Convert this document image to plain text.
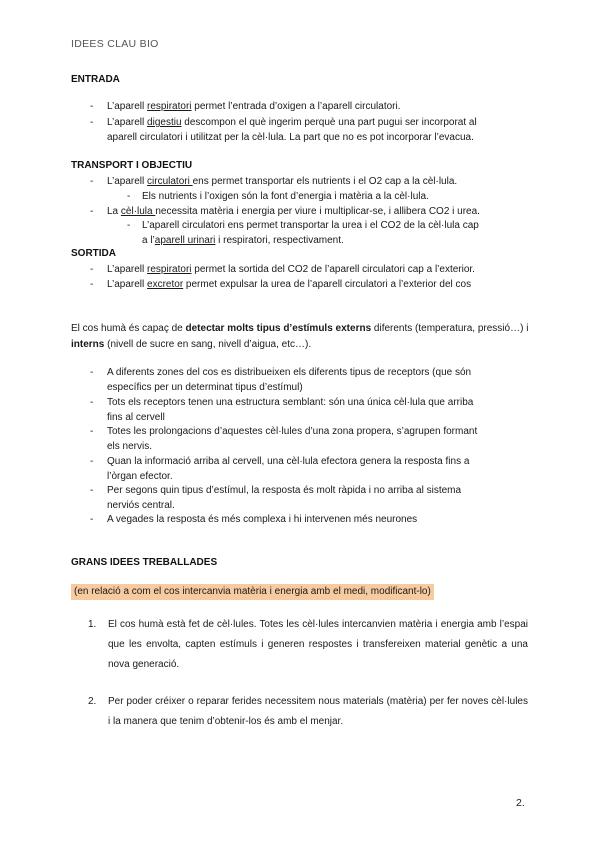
IDEES CLAU BIO
ENTRADA
- L’aparell respiratori permet l’entrada d’oxigen a l’aparell circulatori.
- L’aparell digestiu descompon el què ingerim perquè una part pugui ser incorporat al
aparell circulatori i utilitzat per la cèl·lula. La part que no es pot incorporar l’evacua.
TRANSPORT I OBJECTIU
- L’aparell circulatori ens permet transportar els nutrients i el O2 cap a la cèl·lula.
- Els nutrients i l’oxigen són la font d’energia i matèria a la cèl·lula.
- La cèl·lula necessita matèria i energia per viure i multiplicar-se, i allibera CO2 i urea.
- L’aparell circulatori ens permet transportar la urea i el CO2 de la cèl·lula cap
a l’aparell urinari i respiratori, respectivament.
SORTIDA
- L’aparell respiratori permet la sortida del CO2 de l’aparell circulatori cap a l’exterior.
- L’aparell excretor permet expulsar la urea de l’aparell circulatori a l’exterior del cos
El cos humà és capaç de detectar molts tipus d’estímuls externs diferents (temperatura, pressió…) i interns (nivell de sucre en sang, nivell d’aigua, etc…).
- A diferents zones del cos es distribueixen els diferents tipus de receptors (que són
específics per un determinat tipus d’estímul)
- Tots els receptors tenen una estructura semblant: són una única cèl·lula que arriba
fins al cervell
- Totes les prolongacions d’aquestes cèl·lules d’una zona propera, s’agrupen formant
els nervis.
- Quan la informació arriba al cervell, una cèl·lula efectora genera la resposta fins a
l’òrgan efector.
- Per segons quin tipus d’estímul, la resposta és molt ràpida i no arriba al sistema
nerviós central.
- A vegades la resposta és més complexa i hi intervenen més neurones
GRANS IDEES TREBALLADES
(en relació a com el cos intercanvia matèria i energia amb el medi, modificant-lo)
1. El cos humà està fet de cèl·lules. Totes les cèl·lules intercanvien matèria i energia amb l’espai que les envolta, capten estímuls i generen respostes i transfereixen material genètic a una nova generació.
2. Per poder créixer o reparar ferides necessitem nous materials (matèria) per fer noves cèl·lules i la manera que tenim d’obtenir-los és amb el menjar.
2.
